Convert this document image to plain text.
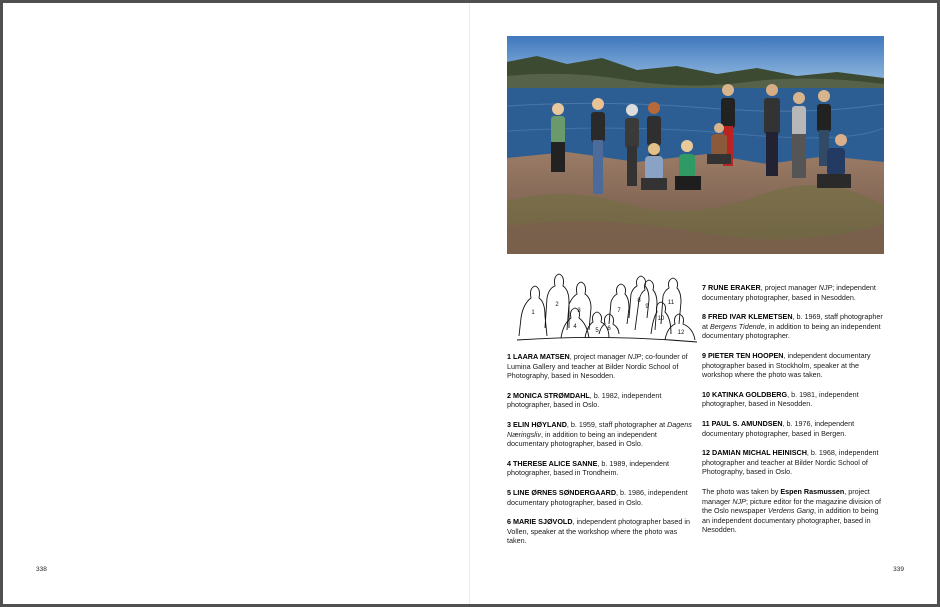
338
1
2
3
4
5 6
7
8
9
10
11
12

1 LAARA MATSEN, project manager NJP; co-founder of Lumina Gallery and teacher at Bilder Nordic School of Photography, based in Nesodden.

2 MONICA STRØMDAHL, b. 1982, independent photographer, based in Oslo.

3 ELIN HØYLAND, b. 1959, staff photographer at Dagens Næringsliv, in addition to being an independent documentary photographer, based in Oslo.

4 THERESE ALICE SANNE, b. 1989, independent photographer, based in Trondheim.

5 LINE ØRNES SØNDERGAARD, b. 1986, independent documentary photographer, based in Oslo.

6 MARIE SJØVOLD, independent photographer based in Vollen, speaker at the workshop where the photo was taken.

7 RUNE ERAKER, project manager NJP; independent documentary photographer, based in Nesodden.

8 FRED IVAR KLEMETSEN, b. 1969, staff photographer at Bergens Tidende, in addition to being an independent documentary photographer.

9 PIETER TEN HOOPEN, independent documentary photographer based in Stockholm, speaker at the workshop where the photo was taken.

10 KATINKA GOLDBERG, b. 1981, independent photographer, based in Nesodden.

11 PAUL S. AMUNDSEN, b. 1976, independent documentary photographer, based in Bergen.

12 DAMIAN MICHAL HEINISCH, b. 1968, independent photographer and teacher at Bilder Nordic School of Photography, based in Oslo.

The photo was taken by Espen Rasmussen, project manager NJP; picture editor for the magazine division of the Oslo newspaper Verdens Gang, in addition to being an independent documentary photographer, based in Nesodden.

339
